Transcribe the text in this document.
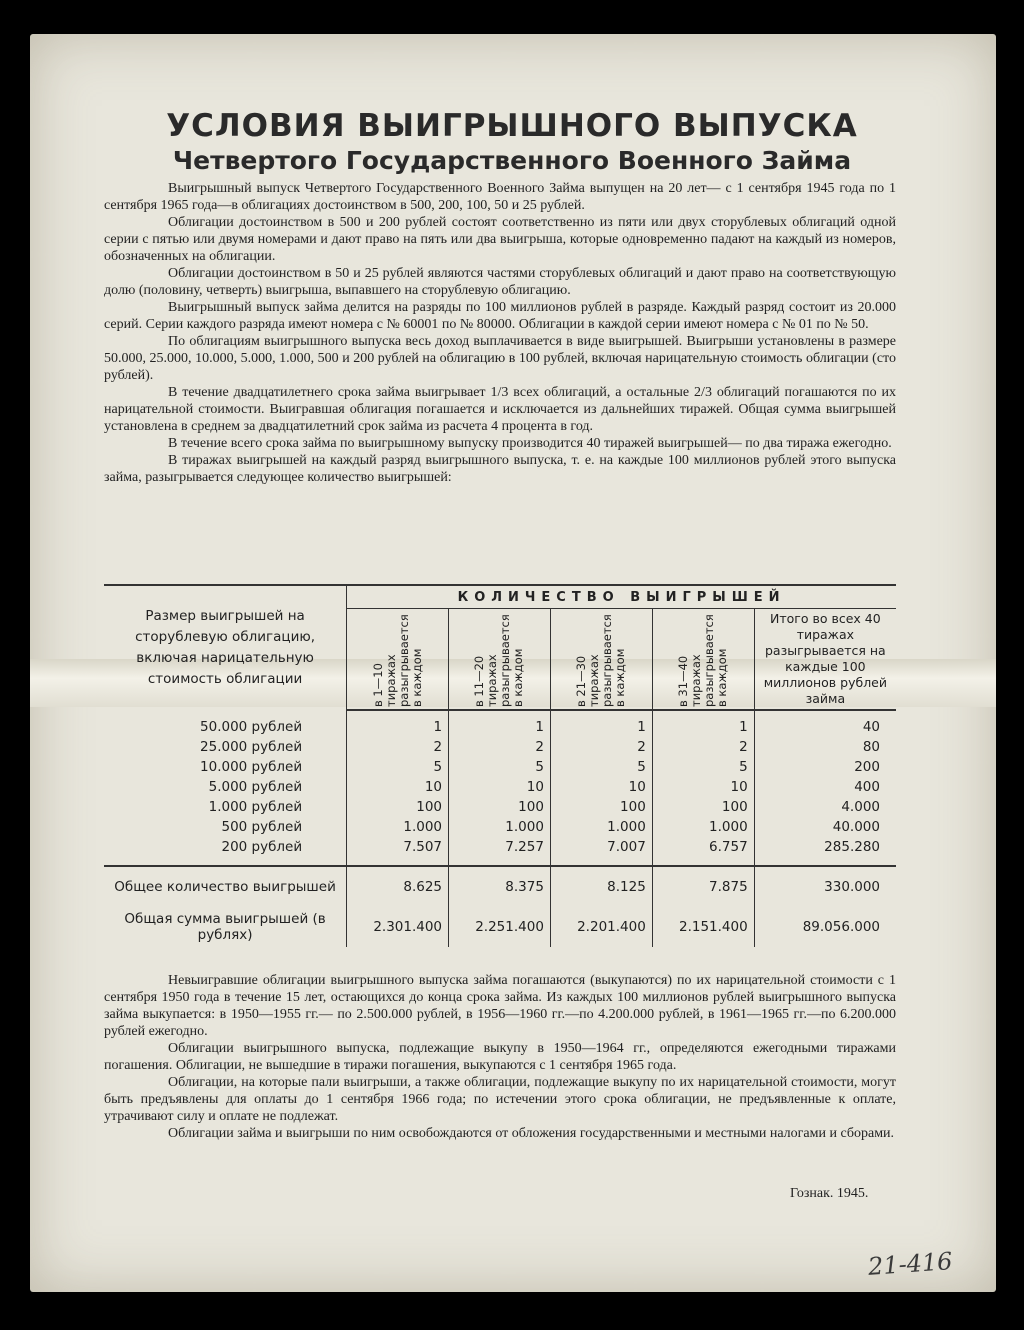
УСЛОВИЯ ВЫИГРЫШНОГО ВЫПУСКА
Четвертого Государственного Военного Займа

Выигрышный выпуск Четвертого Государственного Военного Займа выпущен на 20 лет— с 1 сентября 1945 года по 1 сентября 1965 года—в облигациях достоинством в 500, 200, 100, 50 и 25 рублей.

Облигации достоинством в 500 и 200 рублей состоят соответственно из пяти или двух сторублевых облигаций одной серии с пятью или двумя номерами и дают право на пять или два выигрыша, которые одновременно падают на каждый из номеров, обозначенных на облигации.

Облигации достоинством в 50 и 25 рублей являются частями сторублевых облигаций и дают право на соответствующую долю (половину, четверть) выигрыша, выпавшего на сторублевую облигацию.

Выигрышный выпуск займа делится на разряды по 100 миллионов рублей в разряде. Каждый разряд состоит из 20.000 серий. Серии каждого разряда имеют номера с № 60001 по № 80000. Облигации в каждой серии имеют номера с № 01 по № 50.

По облигациям выигрышного выпуска весь доход выплачивается в виде выигрышей. Выигрыши установлены в размере 50.000, 25.000, 10.000, 5.000, 1.000, 500 и 200 рублей на облигацию в 100 рублей, включая нарицательную стоимость облигации (сто рублей).

В течение двадцатилетнего срока займа выигрывает 1/3 всех облигаций, а остальные 2/3 облигаций погашаются по их нарицательной стоимости. Выигравшая облигация погашается и исключается из дальнейших тиражей. Общая сумма выигрышей установлена в среднем за двадцатилетний срок займа из расчета 4 процента в год.

В течение всего срока займа по выигрышному выпуску производится 40 тиражей выигрышей— по два тиража ежегодно.

В тиражах выигрышей на каждый разряд выигрышного выпуска, т. е. на каждые 100 миллионов рублей этого выпуска займа, разыгрывается следующее количество выигрышей:

Размер выигрышей на сторублевую облигацию, включая нарицательную стоимость облигации	КОЛИЧЕСТВО ВЫИГРЫШЕЙ				

	в 1—10 тиражах разыгрывается в каждом	в 11—20 тиражах разыгрывается в каждом	в 21—30 тиражах разыгрывается в каждом	в 31—40 тиражах разыгрывается в каждом	Итого во всех 40 тиражах разыгрывается на каждые 100 миллионов рублей займа
50.000 рублей	1	1	1	1	40
25.000 рублей	2	2	2	2	80
10.000 рублей	5	5	5	5	200
5.000 рублей	10	10	10	10	400
1.000 рублей	100	100	100	100	4.000
500 рублей	1.000	1.000	1.000	1.000	40.000
200 рублей	7.507	7.257	7.007	6.757	285.280

Общее количество выигрышей	8.625	8.375	8.125	7.875	330.000
Общая сумма выигрышей (в рублях)	2.301.400	2.251.400	2.201.400	2.151.400	89.056.000

Невыигравшие облигации выигрышного выпуска займа погашаются (выкупаются) по их нарицательной стоимости с 1 сентября 1950 года в течение 15 лет, остающихся до конца срока займа. Из каждых 100 миллионов рублей выигрышного выпуска займа выкупается: в 1950—1955 гг.— по 2.500.000 рублей, в 1956—1960 гг.—по 4.200.000 рублей, в 1961—1965 гг.—по 6.200.000 рублей ежегодно.

Облигации выигрышного выпуска, подлежащие выкупу в 1950—1964 гг., определяются ежегодными тиражами погашения. Облигации, не вышедшие в тиражи погашения, выкупаются с 1 сентября 1965 года.

Облигации, на которые пали выигрыши, а также облигации, подлежащие выкупу по их нарицательной стоимости, могут быть предъявлены для оплаты до 1 сентября 1966 года; по истечении этого срока облигации, не предъявленные к оплате, утрачивают силу и оплате не подлежат.

Облигации займа и выигрыши по ним освобождаются от обложения государственными и местными налогами и сборами.

Гознак. 1945.
21-416
